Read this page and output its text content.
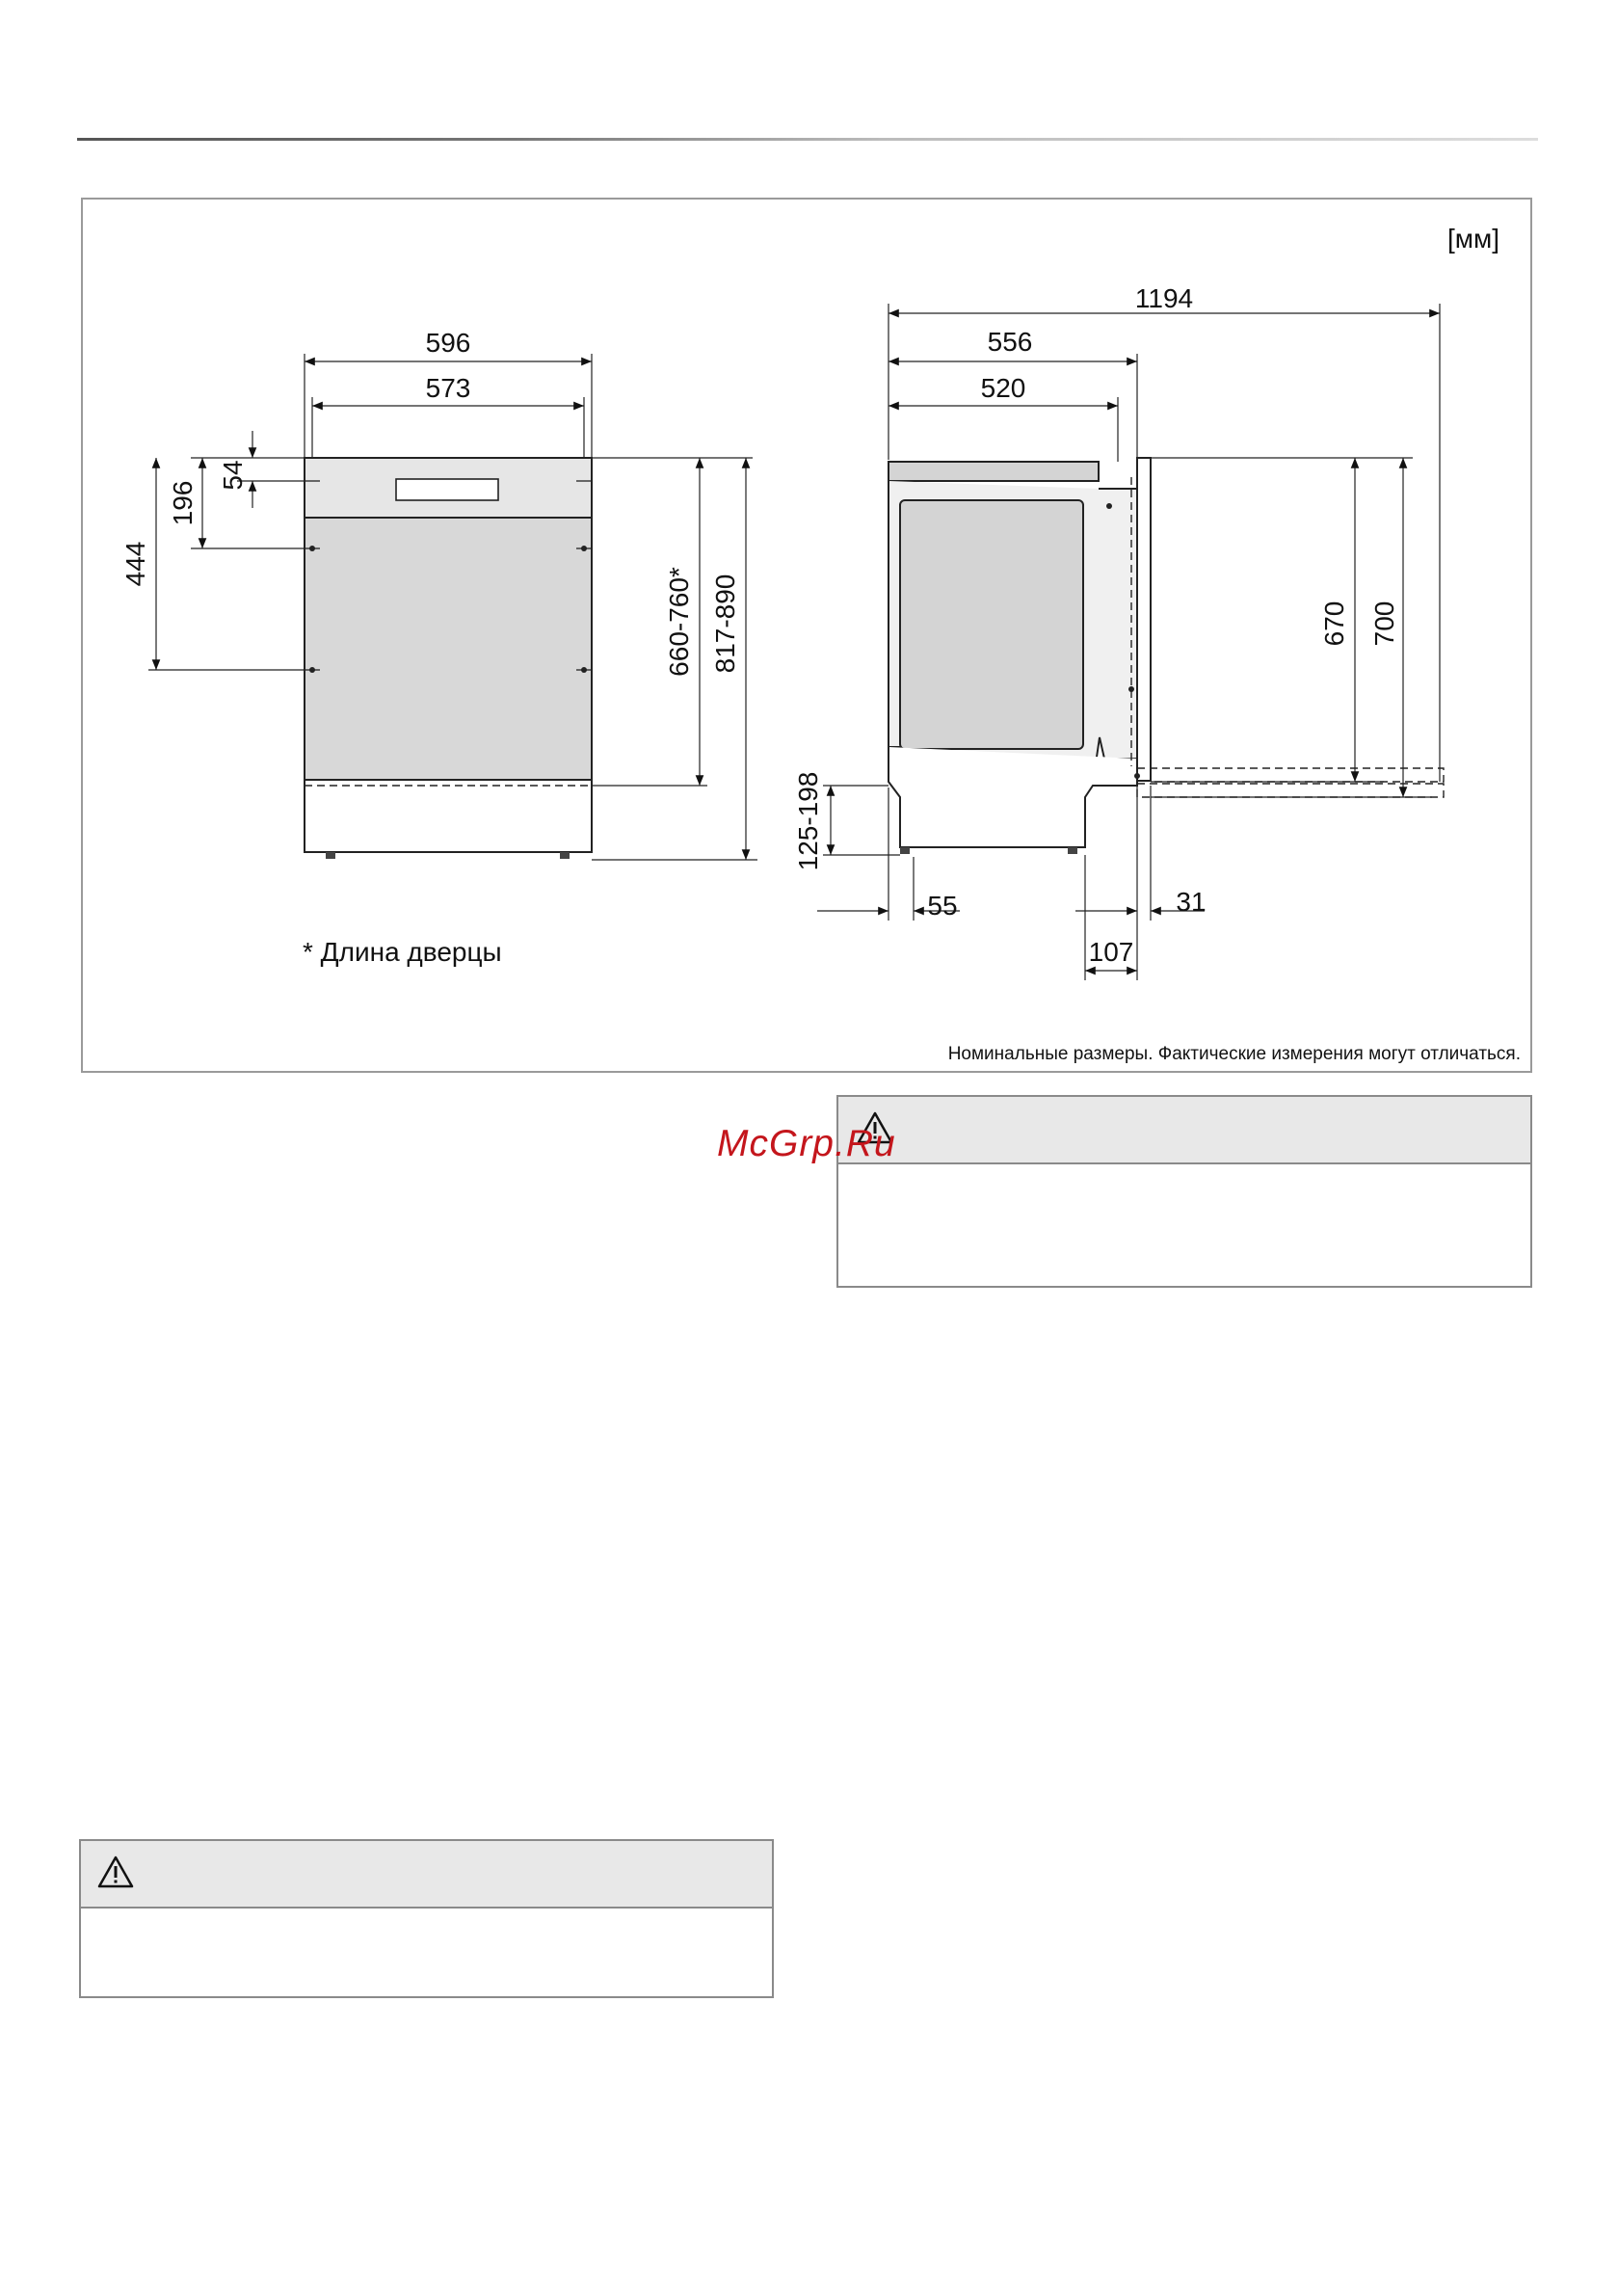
[мм]
596
573
54
196
444
660-760* 817-890
* Длина дверцы
1194
556
520
670 700
125-198
55	31
107
Номинальные размеры. Фактические измерения могут отличаться.
McGrp.Ru
